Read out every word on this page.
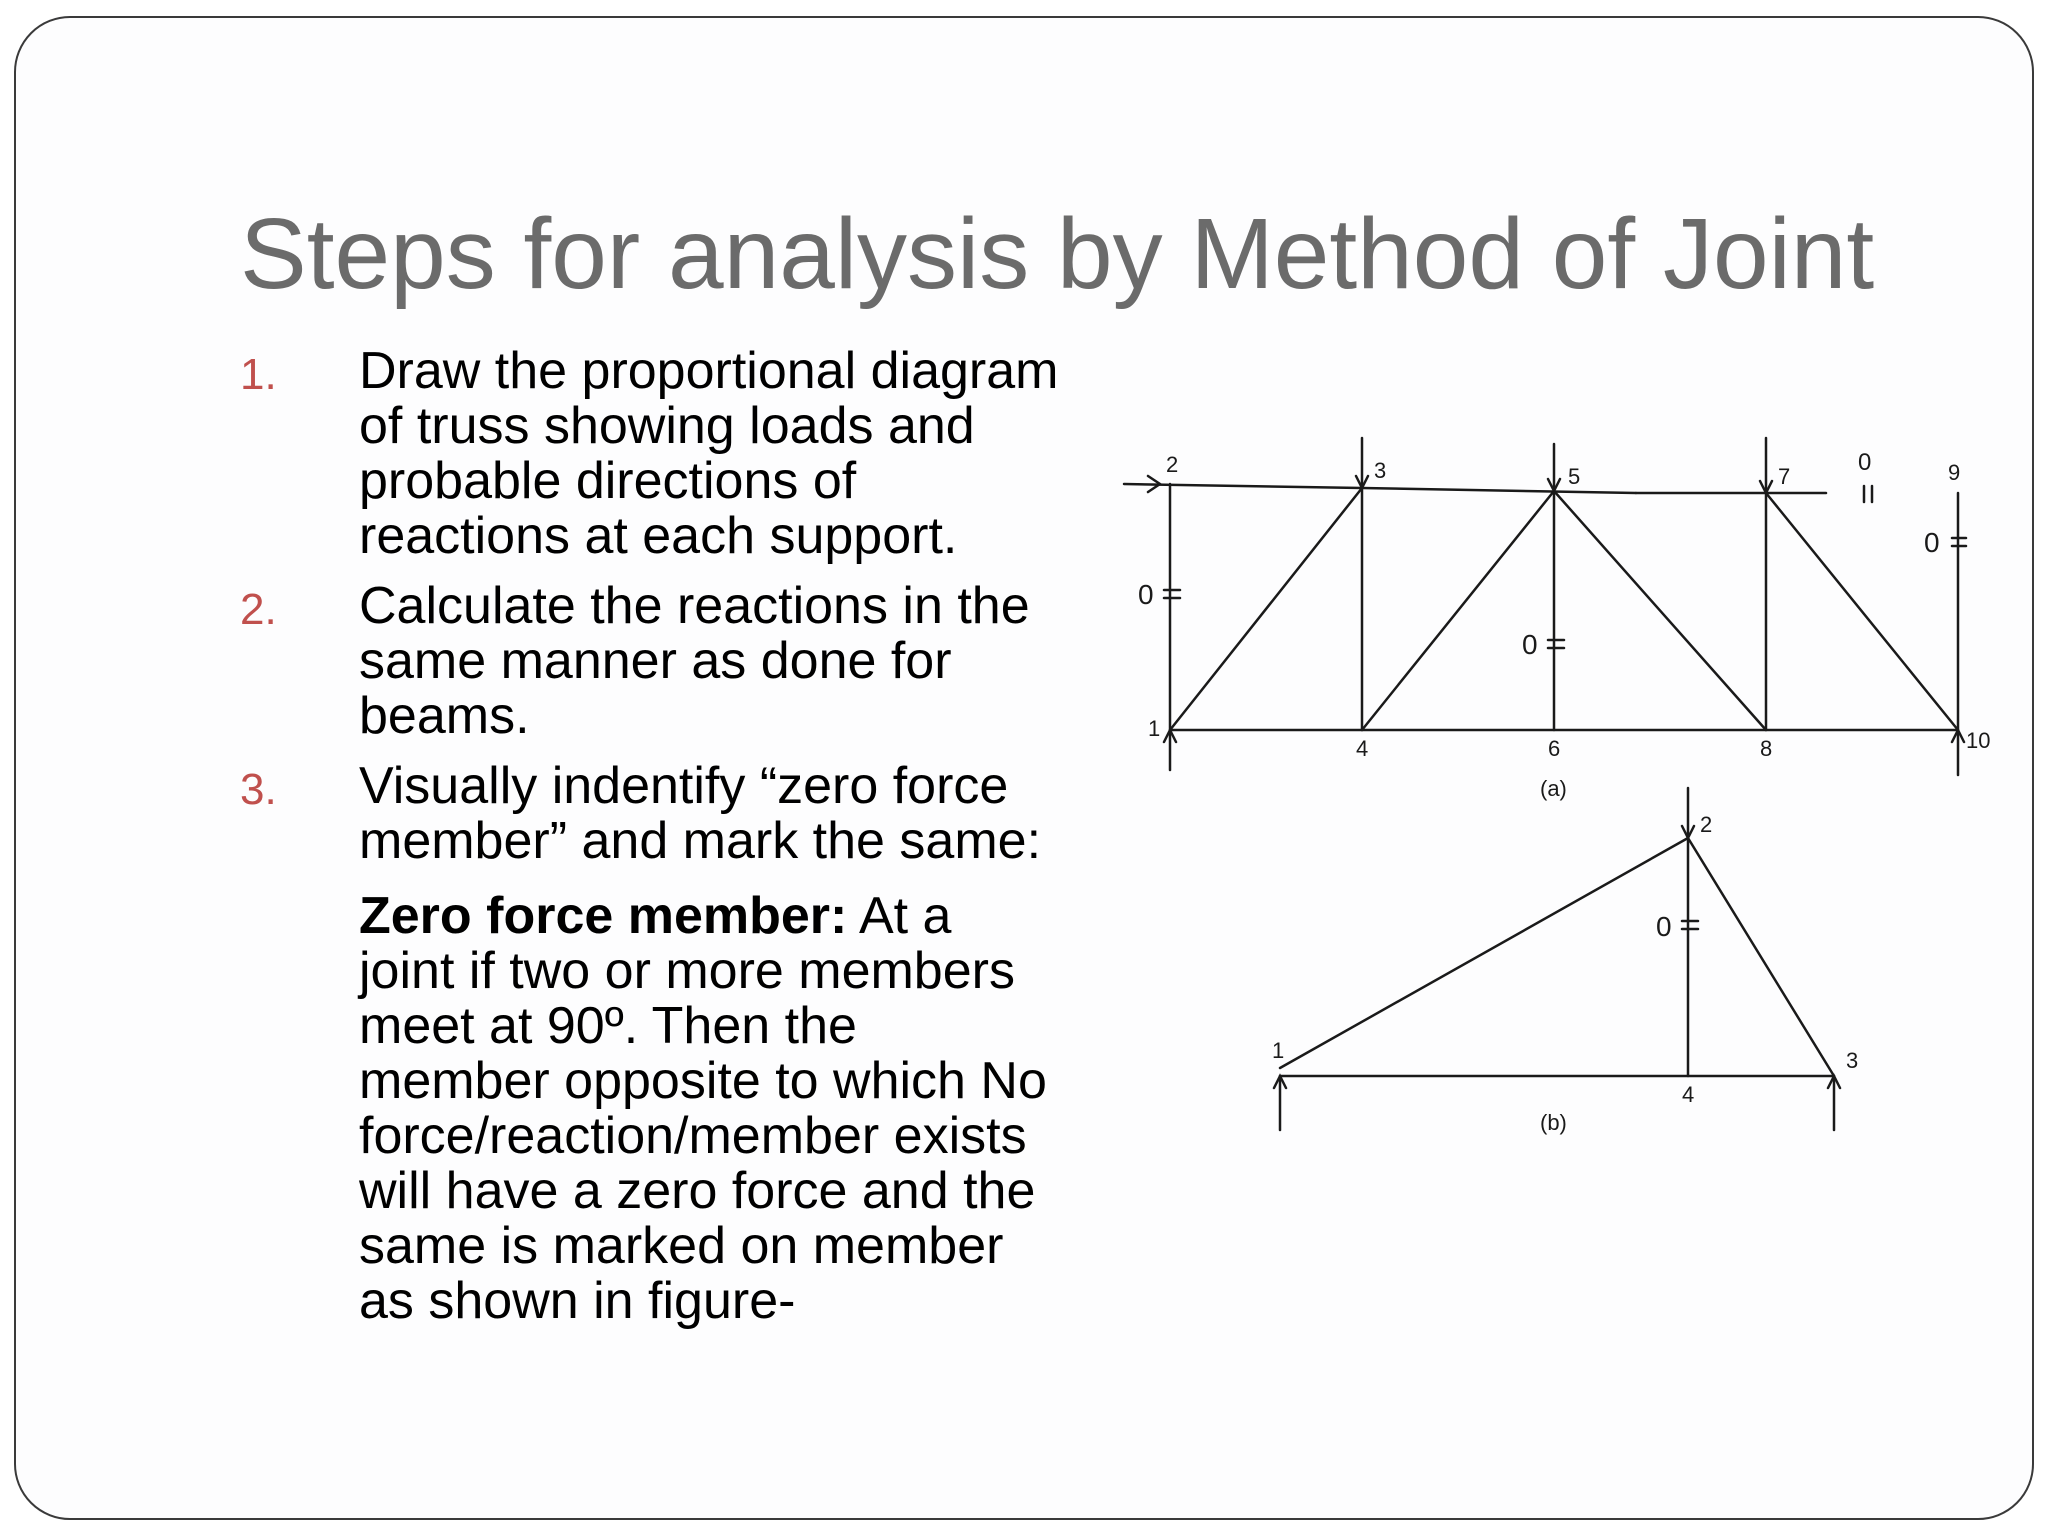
Steps for analysis by Method of Joint
1. Draw the proportional diagram of truss showing loads and probable directions of reactions at each support.
2. Calculate the reactions in the same manner as done for beams.
3. Visually indentify “zero force member” and mark the same:
Zero force member: At a joint if two or more members meet at 90º. Then the member opposite to which No force/reaction/member exists will have a zero force and the same is marked on member as shown in figure-
1
2	3
4
5
6
7
8
9
10
0
0
0
0
(a)
1
2
3
4
0
(b)
